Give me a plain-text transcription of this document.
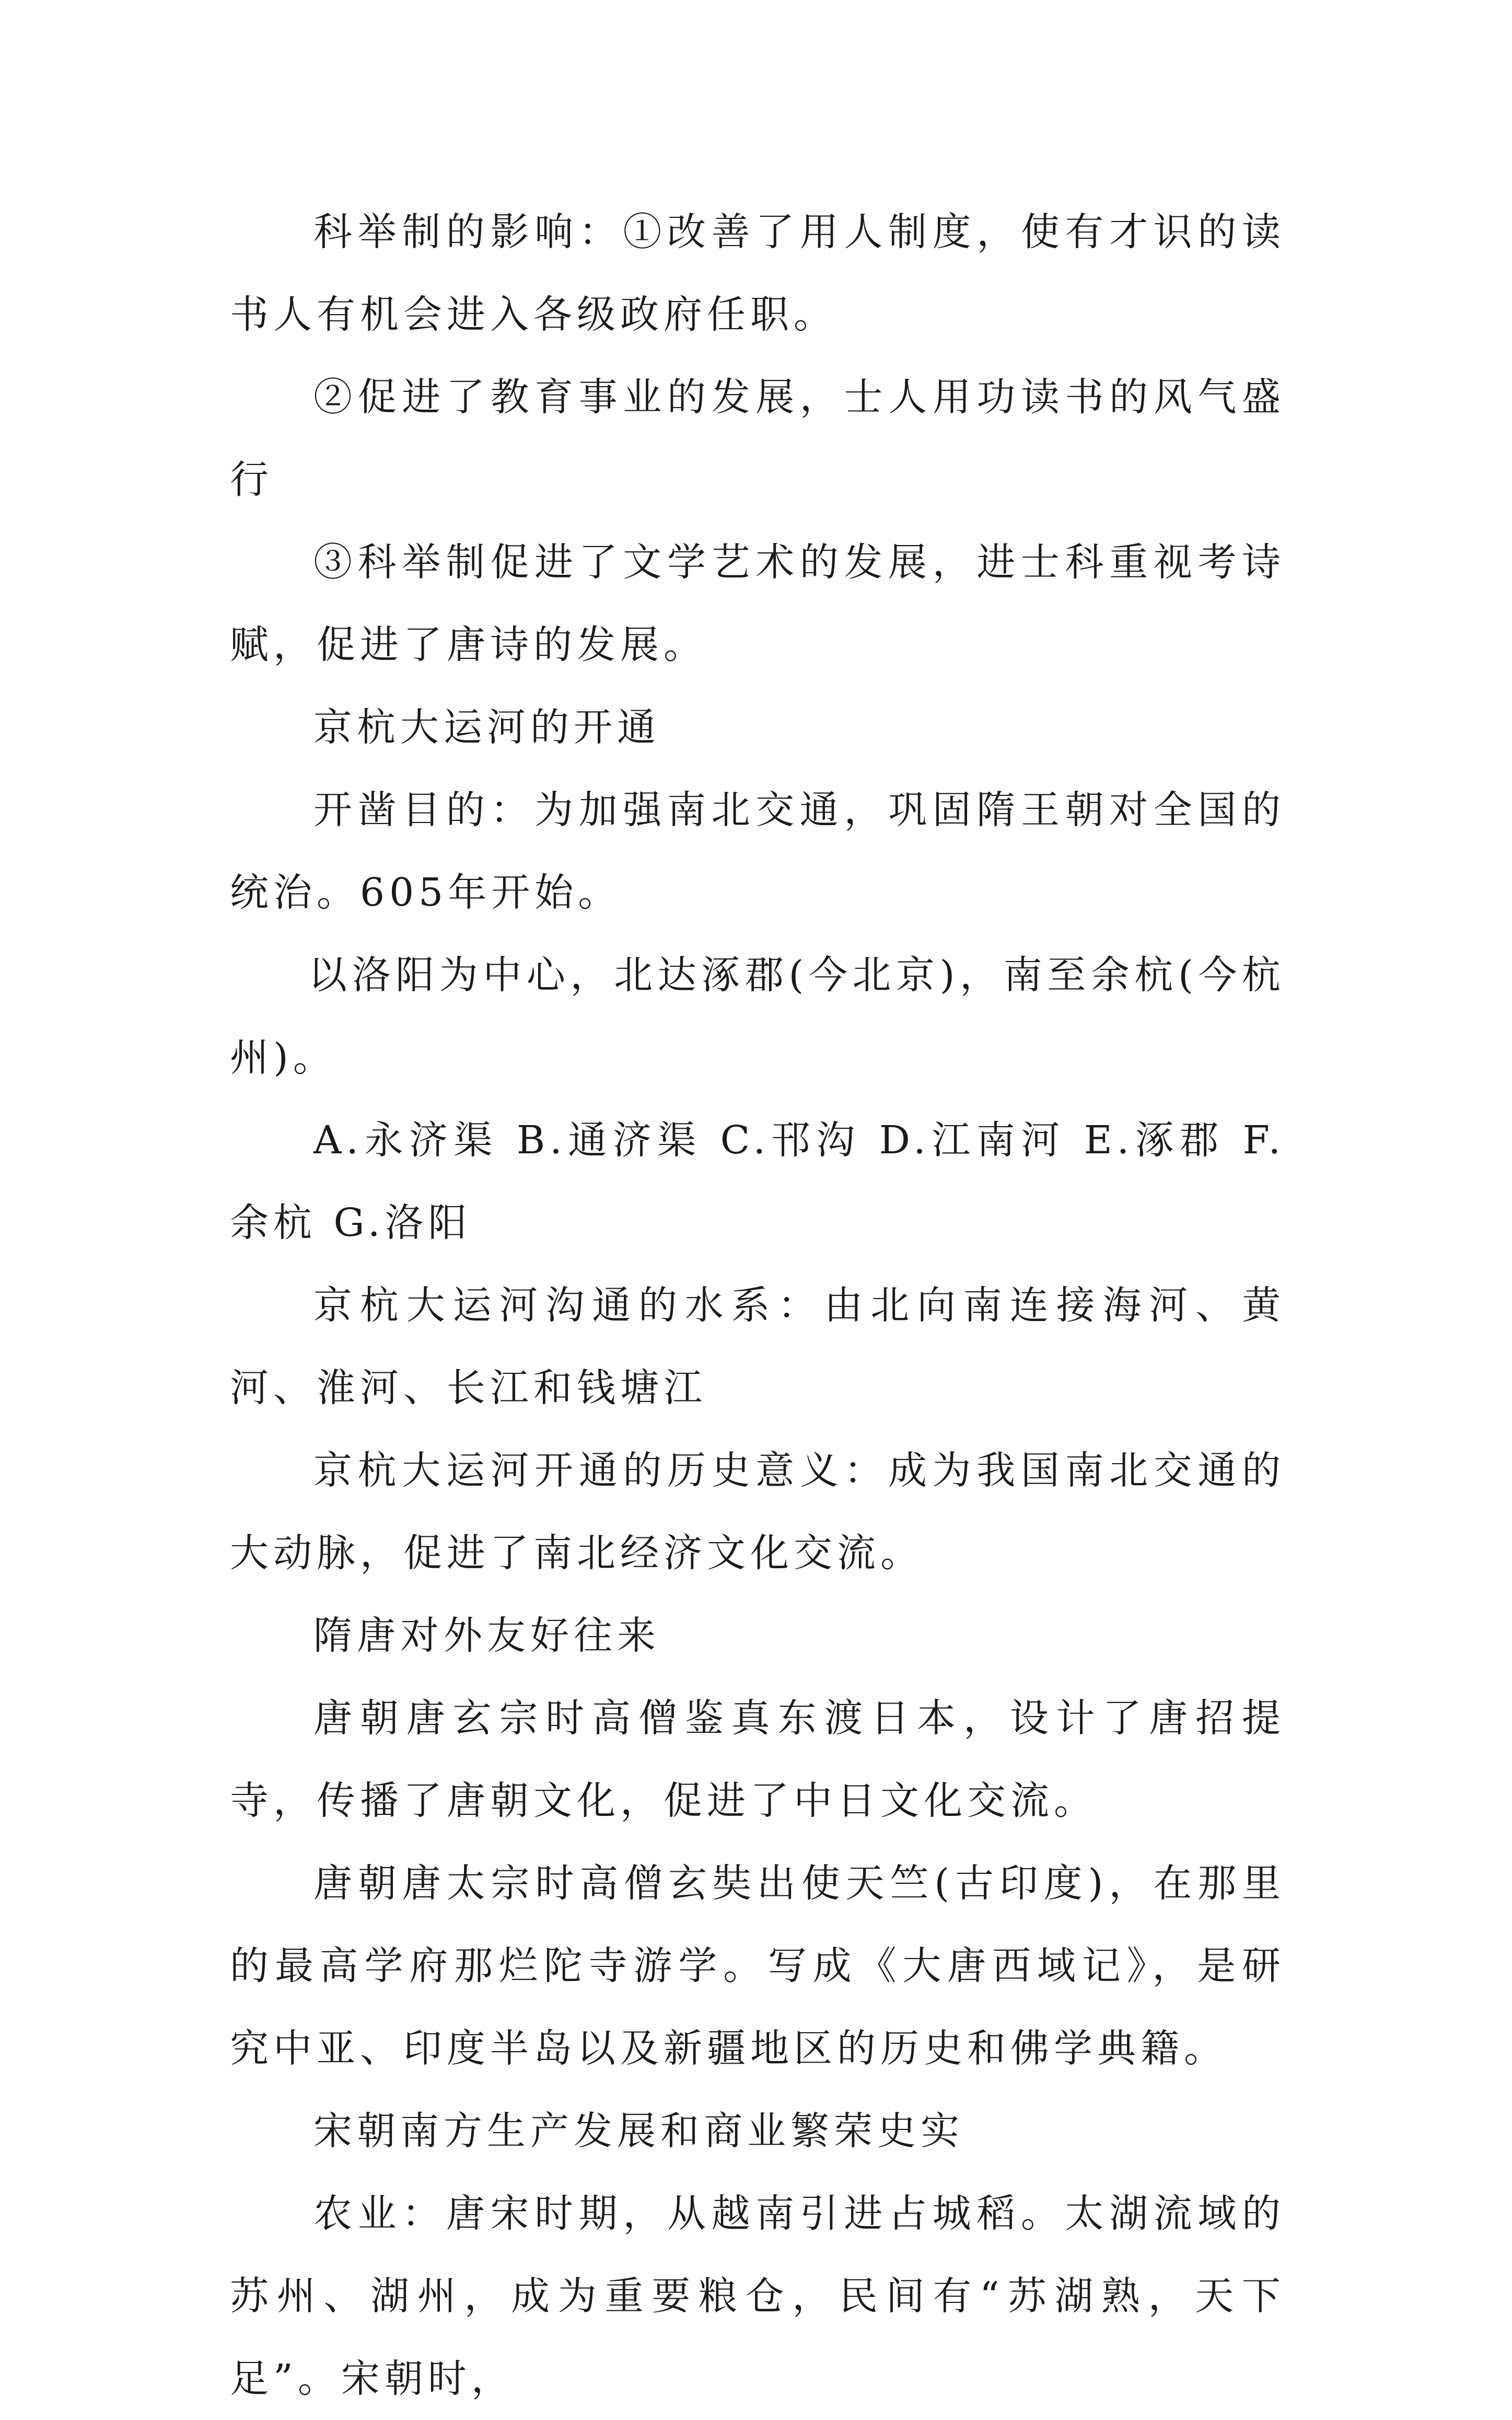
科举制的影响：①改善了用人制度，使有才识的读书人有机会进入各级政府任职。

②促进了教育事业的发展，士人用功读书的风气盛行

③科举制促进了文学艺术的发展，进士科重视考诗赋，促进了唐诗的发展。

京杭大运河的开通

开凿目的：为加强南北交通，巩固隋王朝对全国的统治。605年开始。

以洛阳为中心，北达涿郡(今北京)，南至余杭(今杭州)。

A.永济渠 B.通济渠 C.邗沟 D.江南河 E.涿郡 F.余杭 G.洛阳

京杭大运河沟通的水系：由北向南连接海河、黄河、淮河、长江和钱塘江

京杭大运河开通的历史意义：成为我国南北交通的大动脉，促进了南北经济文化交流。

隋唐对外友好往来

唐朝唐玄宗时高僧鉴真东渡日本，设计了唐招提寺，传播了唐朝文化，促进了中日文化交流。

唐朝唐太宗时高僧玄奘出使天竺(古印度)，在那里的最高学府那烂陀寺游学。写成《大唐西域记》，是研究中亚、印度半岛以及新疆地区的历史和佛学典籍。

宋朝南方生产发展和商业繁荣史实

农业：唐宋时期，从越南引进占城稻。太湖流域的苏州、湖州，成为重要粮仓，民间有“苏湖熟，天下足”。宋朝时，
